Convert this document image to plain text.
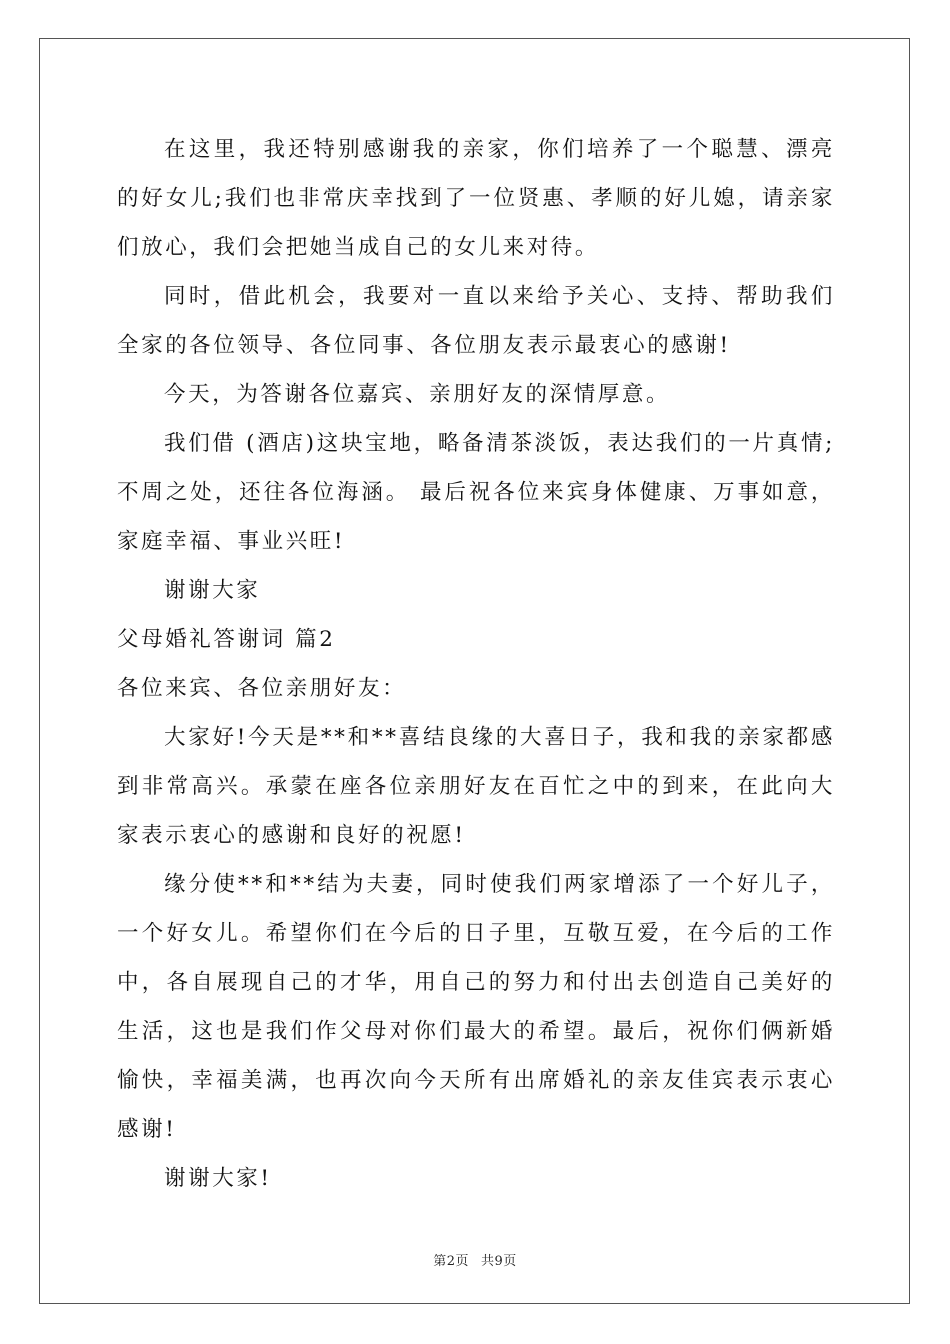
在这里，我还特别感谢我的亲家，你们培养了一个聪慧、漂亮的好女儿;我们也非常庆幸找到了一位贤惠、孝顺的好儿媳，请亲家们放心，我们会把她当成自己的女儿来对待。

同时，借此机会，我要对一直以来给予关心、支持、帮助我们全家的各位领导、各位同事、各位朋友表示最衷心的感谢!

今天，为答谢各位嘉宾、亲朋好友的深情厚意。

我们借 (酒店)这块宝地，略备清茶淡饭，表达我们的一片真情;不周之处，还往各位海涵。 最后祝各位来宾身体健康、万事如意，家庭幸福、事业兴旺!

谢谢大家

父母婚礼答谢词 篇2

各位来宾、各位亲朋好友：

大家好!今天是**和**喜结良缘的大喜日子，我和我的亲家都感到非常高兴。承蒙在座各位亲朋好友在百忙之中的到来，在此向大家表示衷心的感谢和良好的祝愿!

缘分使**和**结为夫妻，同时使我们两家增添了一个好儿子，一个好女儿。希望你们在今后的日子里，互敬互爱，在今后的工作中，各自展现自己的才华，用自己的努力和付出去创造自己美好的生活，这也是我们作父母对你们最大的希望。最后，祝你们俩新婚愉快，幸福美满，也再次向今天所有出席婚礼的亲友佳宾表示衷心感谢!

谢谢大家!

第2页 共9页
